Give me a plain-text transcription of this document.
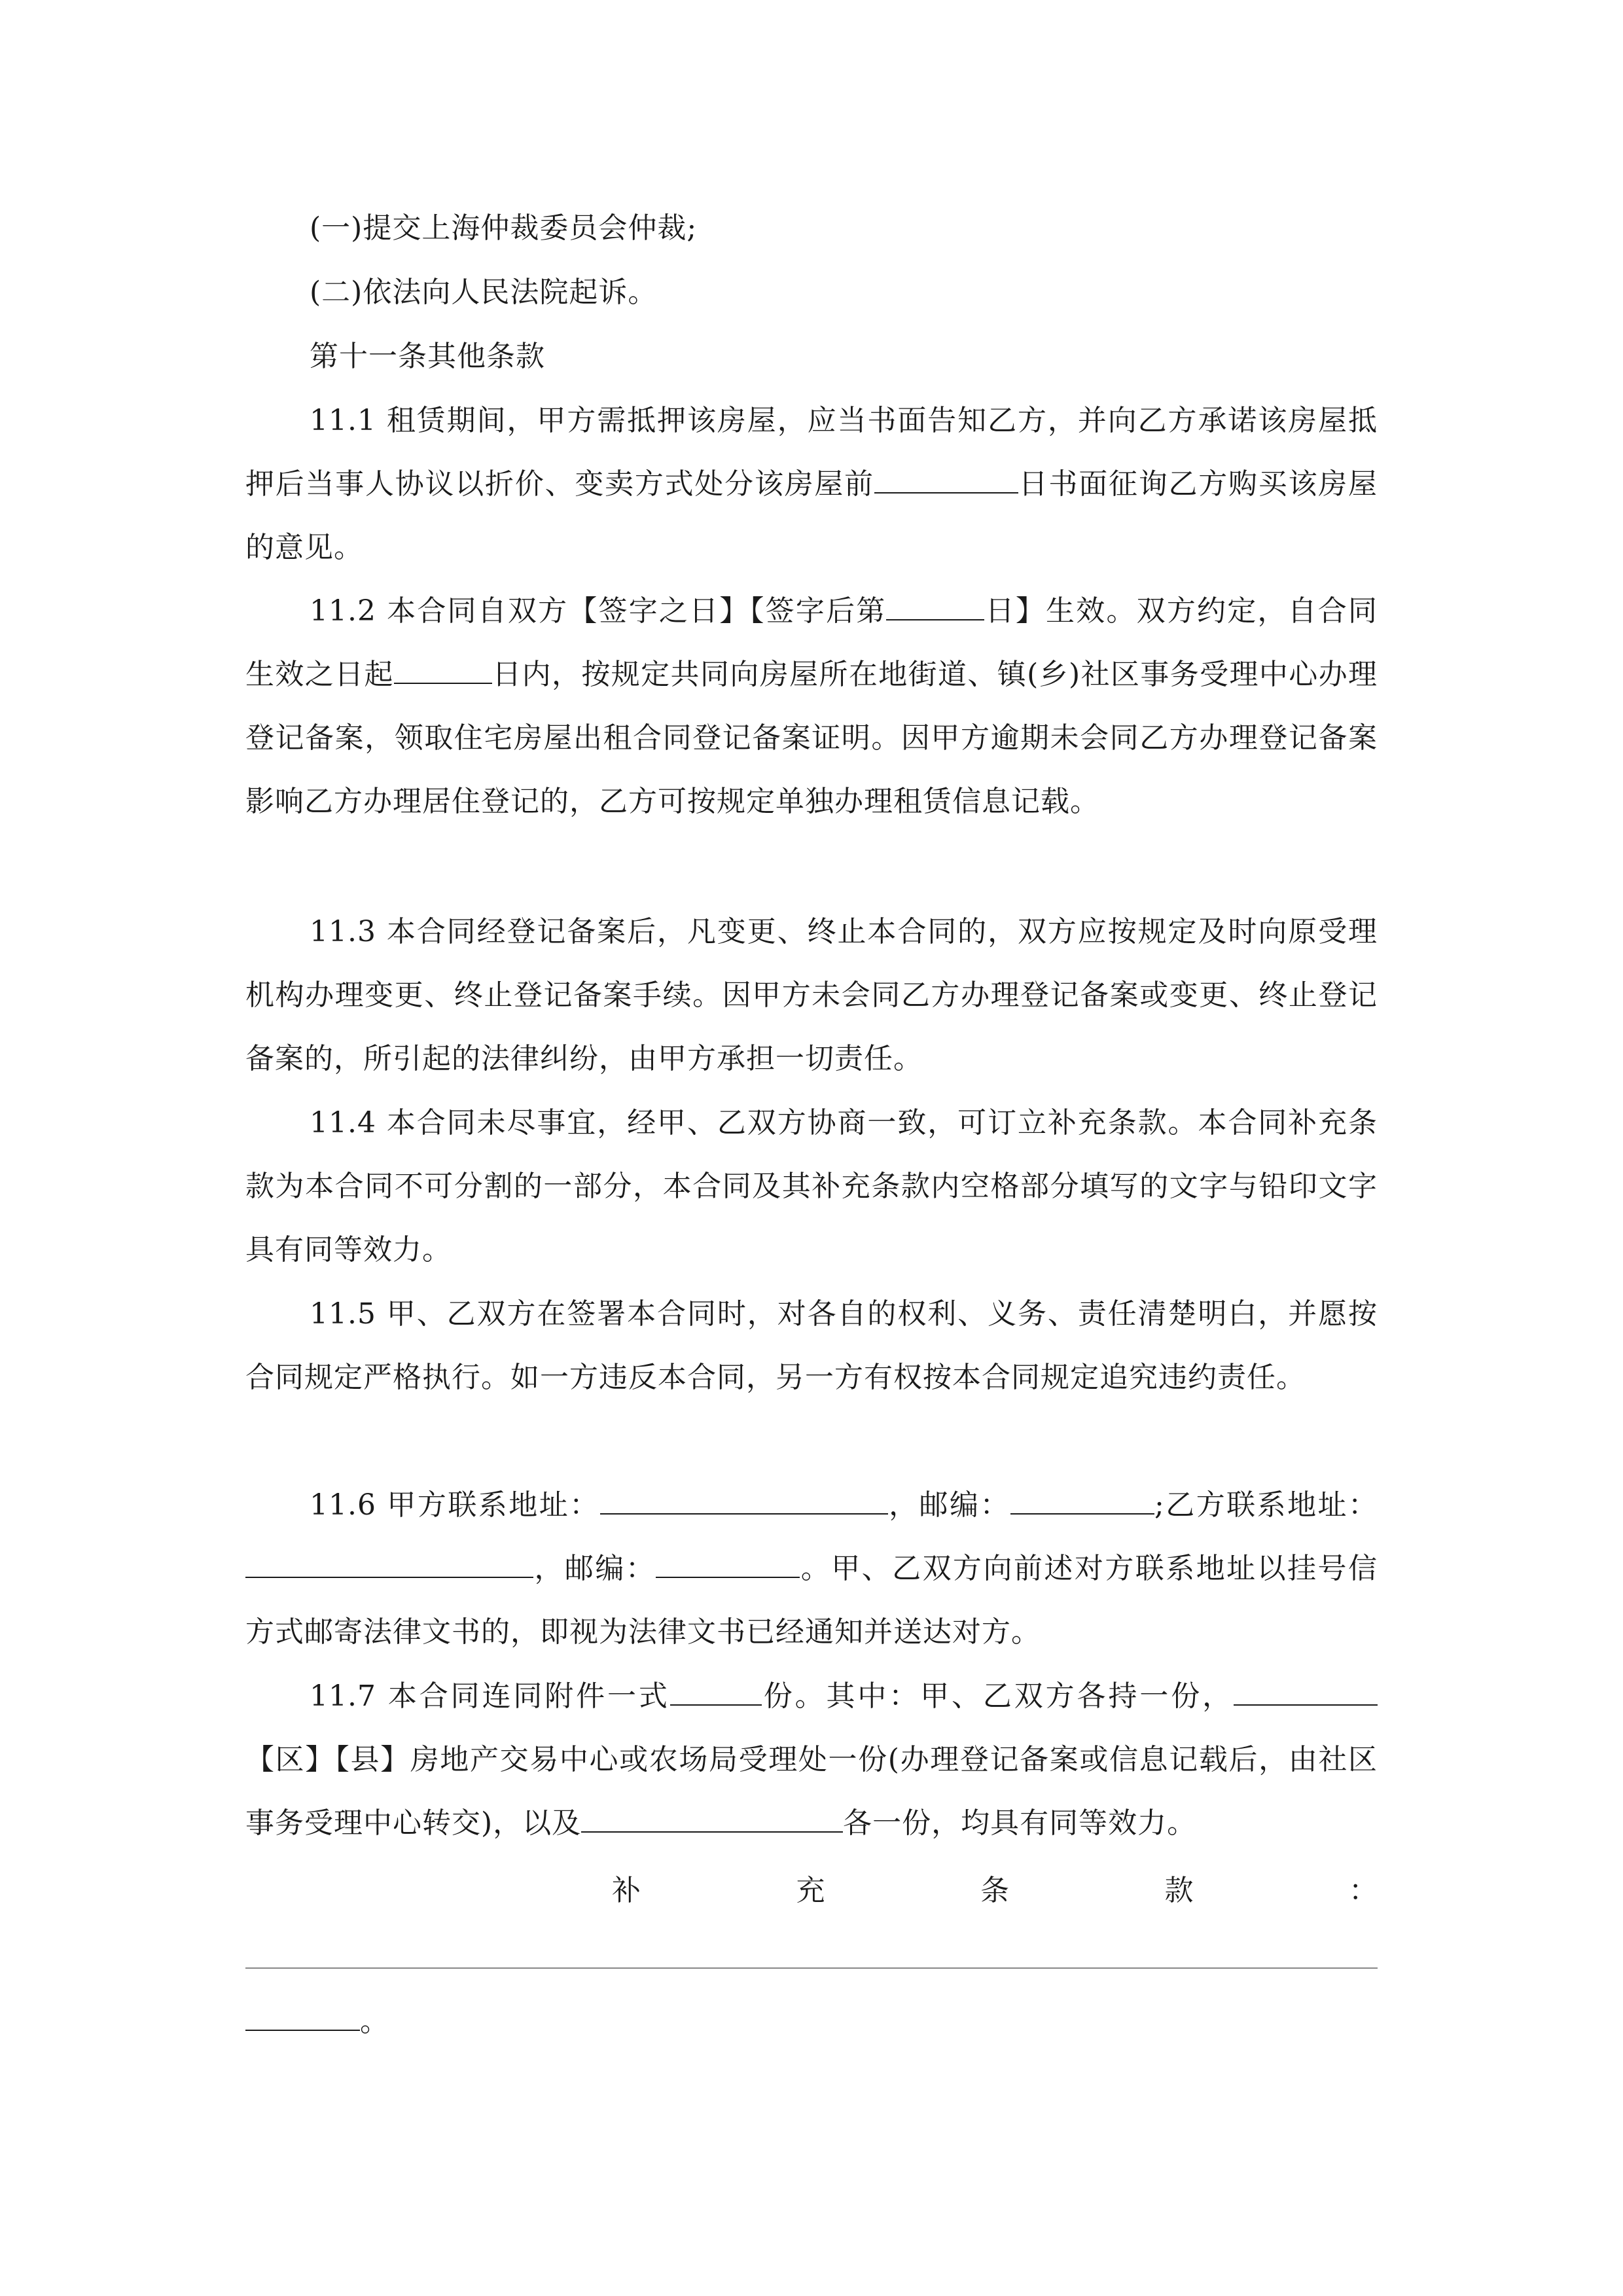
(一)提交上海仲裁委员会仲裁;

(二)依法向人民法院起诉。

第十一条其他条款

11.1 租赁期间，甲方需抵押该房屋，应当书面告知乙方，并向乙方承诺该房屋抵押后当事人协议以折价、变卖方式处分该房屋前	日书面征询乙方购买该房屋的意见。

11.2 本合同自双方【签字之日】【签字后第	日】生效。双方约定，自合同生效之日起	日内，按规定共同向房屋所在地街道、镇(乡)社区事务受理中心办理登记备案，领取住宅房屋出租合同登记备案证明。因甲方逾期未会同乙方办理登记备案影响乙方办理居住登记的，乙方可按规定单独办理租赁信息记载。

11.3 本合同经登记备案后，凡变更、终止本合同的，双方应按规定及时向原受理机构办理变更、终止登记备案手续。因甲方未会同乙方办理登记备案或变更、终止登记备案的，所引起的法律纠纷，由甲方承担一切责任。

11.4 本合同未尽事宜，经甲、乙双方协商一致，可订立补充条款。本合同补充条款为本合同不可分割的一部分，本合同及其补充条款内空格部分填写的文字与铅印文字具有同等效力。

11.5 甲、乙双方在签署本合同时，对各自的权利、义务、责任清楚明白，并愿按合同规定严格执行。如一方违反本合同，另一方有权按本合同规定追究违约责任。

11.6 甲方联系地址：	，邮编：	;乙方联系地址：，邮编：	。甲、乙双方向前述对方联系地址以挂号信方式邮寄法律文书的，即视为法律文书已经通知并送达对方。

11.7 本合同连同附件一式	份。其中：甲、乙双方各持一份，【区】【县】房地产交易中心或农场局受理处一份(办理登记备案或信息记载后，由社区事务受理中心转交)，以及	各一份，均具有同等效力。

补	充	条	款	：
。
